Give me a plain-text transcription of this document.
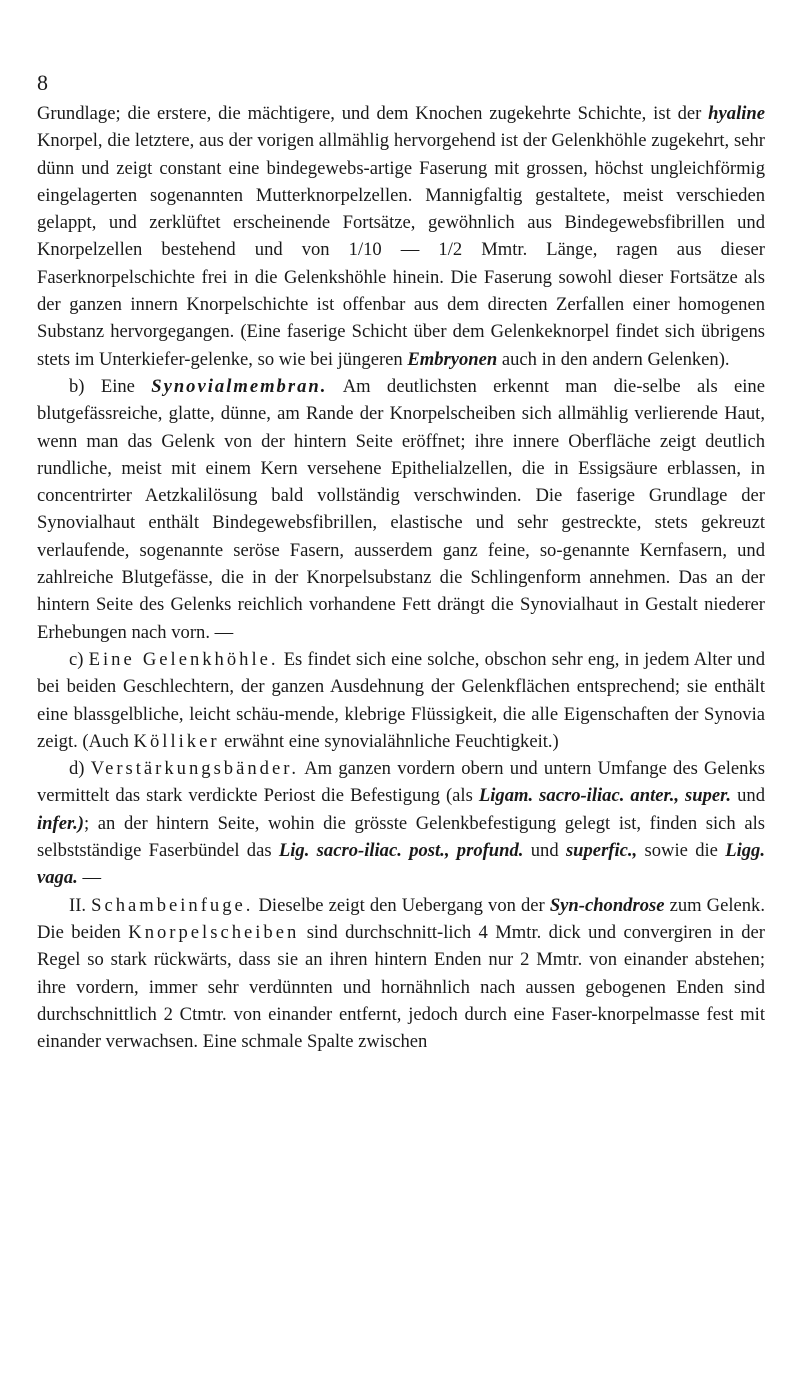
8

Grundlage; die erstere, die mächtigere, und dem Knochen zugekehrte Schichte, ist der hyaline Knorpel, die letztere, aus der vorigen allmählig hervorgehend ist der Gelenkhöhle zugekehrt, sehr dünn und zeigt constant eine bindegewebs-artige Faserung mit grossen, höchst ungleichförmig eingelagerten sogenannten Mutterknorpelzellen. Mannigfaltig gestaltete, meist verschieden gelappt, und zerklüftet erscheinende Fortsätze, gewöhnlich aus Bindegewebsfibrillen und Knorpelzellen bestehend und von 1/10 — 1/2 Mmtr. Länge, ragen aus dieser Faserknorpelschichte frei in die Gelenkshöhle hinein. Die Faserung sowohl dieser Fortsätze als der ganzen innern Knorpelschichte ist offenbar aus dem directen Zerfallen einer homogenen Substanz hervorgegangen. (Eine faserige Schicht über dem Gelenkeknorpel findet sich übrigens stets im Unterkiefer-gelenke, so wie bei jüngeren Embryonen auch in den andern Gelenken).

b) Eine Synovialmembran. Am deutlichsten erkennt man die-selbe als eine blutgefässreiche, glatte, dünne, am Rande der Knorpelscheiben sich allmählig verlierende Haut, wenn man das Gelenk von der hintern Seite eröffnet; ihre innere Oberfläche zeigt deutlich rundliche, meist mit einem Kern versehene Epithelialzellen, die in Essigsäure erblassen, in concentrirter Aetzkalilösung bald vollständig verschwinden. Die faserige Grundlage der Synovialhaut enthält Bindegewebsfibrillen, elastische und sehr gestreckte, stets gekreuzt verlaufende, sogenannte seröse Fasern, ausserdem ganz feine, so-genannte Kernfasern, und zahlreiche Blutgefässe, die in der Knorpelsubstanz die Schlingenform annehmen. Das an der hintern Seite des Gelenks reichlich vorhandene Fett drängt die Synovialhaut in Gestalt niederer Erhebungen nach vorn. —

c) Eine Gelenkhöhle. Es findet sich eine solche, obschon sehr eng, in jedem Alter und bei beiden Geschlechtern, der ganzen Ausdehnung der Gelenkflächen entsprechend; sie enthält eine blassgelbliche, leicht schäu-mende, klebrige Flüssigkeit, die alle Eigenschaften der Synovia zeigt. (Auch Kölliker erwähnt eine synovialähnliche Feuchtigkeit.)

d) Verstärkungsbänder. Am ganzen vordern obern und untern Umfange des Gelenks vermittelt das stark verdickte Periost die Befestigung (als Ligam. sacro-iliac. anter., super. und infer.); an der hintern Seite, wohin die grösste Gelenkbefestigung gelegt ist, finden sich als selbstständige Faserbündel das Lig. sacro-iliac. post., profund. und superfic., sowie die Ligg. vaga. —

II. Schambeinfuge. Dieselbe zeigt den Uebergang von der Syn-chondrose zum Gelenk. Die beiden Knorpelscheiben sind durchschnitt-lich 4 Mmtr. dick und convergiren in der Regel so stark rückwärts, dass sie an ihren hintern Enden nur 2 Mmtr. von einander abstehen; ihre vordern, immer sehr verdünnten und hornähnlich nach aussen gebogenen Enden sind durchschnittlich 2 Ctmtr. von einander entfernt, jedoch durch eine Faser-knorpelmasse fest mit einander verwachsen. Eine schmale Spalte zwischen
